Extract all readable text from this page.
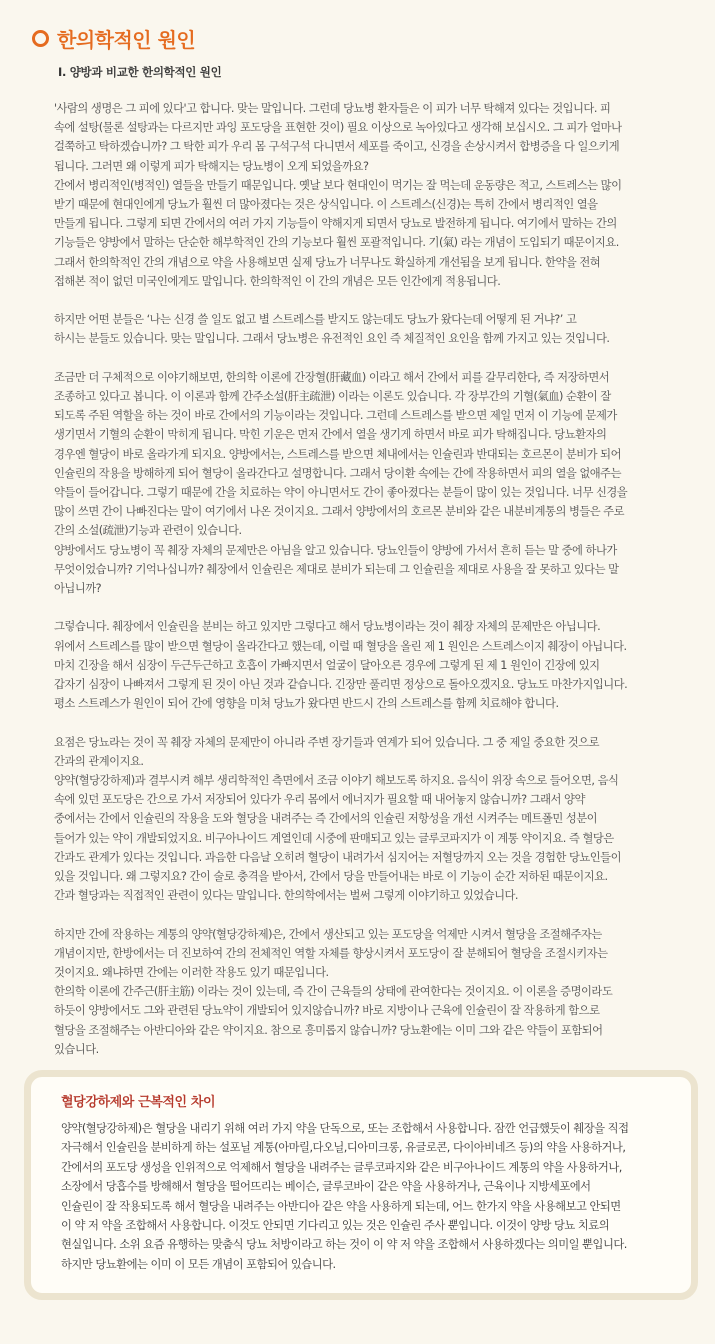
한의학적인 원인
Ⅰ. 양방과 비교한 한의학적인 원인

'사람의 생명은 그 피에 있다'고 합니다. 맞는 말입니다. 그런데 당뇨병 환자들은 이 피가 너무 탁해져 있다는 것입니다. 피
속에 설탕(물론 설탕과는 다르지만 과잉 포도당을 표현한 것이) 필요 이상으로 녹아있다고 생각해 보십시오. 그 피가 얼마나
걸쭉하고 탁하겠습니까? 그 탁한 피가 우리 몸 구석구석 다니면서 세포를 죽이고, 신경을 손상시켜서 합병증을 다 일으키게
됩니다. 그러면 왜 이렇게 피가 탁해지는 당뇨병이 오게 되었을까요?
간에서 병리적인(병적인) 열들을 만들기 때문입니다. 옛날 보다 현대인이 먹기는 잘 먹는데 운동량은 적고, 스트레스는 많이
받기 때문에 현대인에게 당뇨가 훨씬 더 많아졌다는 것은 상식입니다. 이 스트레스(신경)는 특히 간에서 병리적인 열을
만들게 됩니다. 그렇게 되면 간에서의 여러 가지 기능들이 약해지게 되면서 당뇨로 발전하게 됩니다. 여기에서 말하는 간의
기능들은 양방에서 말하는 단순한 해부학적인 간의 기능보다 훨씬 포괄적입니다. 기(氣) 라는 개념이 도입되기 때문이지요.
그래서 한의학적인 간의 개념으로 약을 사용해보면 실제 당뇨가 너무나도 확실하게 개선됨을 보게 됩니다. 한약을 전혀
접해본 적이 없던 미국인에게도 말입니다. 한의학적인 이 간의 개념은 모든 인간에게 적용됩니다.

하지만 어떤 분들은 ‘나는 신경 쓸 일도 없고 별 스트레스를 받지도 않는데도 당뇨가 왔다는데 어떻게 된 거냐?’ 고
하시는 분들도 있습니다. 맞는 말입니다. 그래서 당뇨병은 유전적인 요인 즉 체질적인 요인을 함께 가지고 있는 것입니다.

조금만 더 구체적으로 이야기해보면, 한의학 이론에 간장혈(肝藏血) 이라고 해서 간에서 피를 갈무리한다, 즉 저장하면서
조종하고 있다고 봅니다. 이 이론과 함께 간주소설(肝主疏泄) 이라는 이론도 있습니다. 각 장부간의 기혈(氣血) 순환이 잘
되도록 주된 역할을 하는 것이 바로 간에서의 기능이라는 것입니다. 그런데 스트레스를 받으면 제일 먼저 이 기능에 문제가
생기면서 기혈의 순환이 막히게 됩니다. 막힌 기운은 먼저 간에서 열을 생기게 하면서 바로 피가 탁해집니다. 당뇨환자의
경우엔 혈당이 바로 올라가게 되지요. 양방에서는, 스트레스를 받으면 체내에서는 인슐린과 반대되는 호르몬이 분비가 되어
인슐린의 작용을 방해하게 되어 혈당이 올라간다고 설명합니다. 그래서 당이환 속에는 간에 작용하면서 피의 열을 없애주는
약들이 들어갑니다. 그렇기 때문에 간을 치료하는 약이 아니면서도 간이 좋아졌다는 분들이 많이 있는 것입니다. 너무 신경을
많이 쓰면 간이 나빠진다는 말이 여기에서 나온 것이지요. 그래서 양방에서의 호르몬 분비와 같은 내분비계통의 병들은 주로
간의 소설(疏泄)기능과 관련이 있습니다.
양방에서도 당뇨병이 꼭 췌장 자체의 문제만은 아님을 알고 있습니다. 당뇨인들이 양방에 가서서 흔히 듣는 말 중에 하나가
무엇이었습니까? 기억나십니까? 췌장에서 인슐린은 제대로 분비가 되는데 그 인슐린을 제대로 사용을 잘 못하고 있다는 말
아닙니까?

그렇습니다. 췌장에서 인슐린을 분비는 하고 있지만 그렇다고 해서 당뇨병이라는 것이 췌장 자체의 문제만은 아닙니다.
위에서 스트레스를 많이 받으면 혈당이 올라간다고 했는데, 이럴 때 혈당을 올린 제 1 원인은 스트레스이지 췌장이 아닙니다.
마치 긴장을 해서 심장이 두근두근하고 호흡이 가빠지면서 얼굴이 달아오른 경우에 그렇게 된 제 1 원인이 긴장에 있지
갑자기 심장이 나빠져서 그렇게 된 것이 아닌 것과 같습니다. 긴장만 풀리면 정상으로 돌아오겠지요. 당뇨도 마찬가지입니다.
평소 스트레스가 원인이 되어 간에 영향을 미쳐 당뇨가 왔다면 반드시 간의 스트레스를 함께 치료해야 합니다.

요점은 당뇨라는 것이 꼭 췌장 자체의 문제만이 아니라 주변 장기들과 연계가 되어 있습니다. 그 중 제일 중요한 것으로
간과의 관계이지요.
양약(혈당강하제)과 결부시켜 해부 생리학적인 측면에서 조금 이야기 해보도록 하지요. 음식이 위장 속으로 들어오면, 음식
속에 있던 포도당은 간으로 가서 저장되어 있다가 우리 몸에서 에너지가 필요할 때 내어놓지 않습니까? 그래서 양약
중에서는 간에서 인슐린의 작용을 도와 혈당을 내려주는 즉 간에서의 인슐린 저항성을 개선 시켜주는 메트폴민 성분이
들어가 있는 약이 개발되었지요. 비구아나이드 계열인데 시중에 판매되고 있는 글루코파지가 이 계통 약이지요. 즉 혈당은
간과도 관계가 있다는 것입니다. 과음한 다음날 오히려 혈당이 내려가서 심지어는 저혈당까지 오는 것을 경험한 당뇨인들이
있을 것입니다. 왜 그렇지요? 간이 술로 충격을 받아서, 간에서 당을 만들어내는 바로 이 기능이 순간 저하된 때문이지요.
간과 혈당과는 직접적인 관련이 있다는 말입니다. 한의학에서는 벌써 그렇게 이야기하고 있었습니다.

하지만 간에 작용하는 계통의 양약(혈당강하제)은, 간에서 생산되고 있는 포도당을 억제만 시켜서 혈당을 조절해주자는
개념이지만, 한방에서는 더 진보하여 간의 전체적인 역할 자체를 향상시켜서 포도당이 잘 분해되어 혈당을 조절시키자는
것이지요. 왜냐하면 간에는 이러한 작용도 있기 때문입니다.
한의학 이론에 간주근(肝主筋) 이라는 것이 있는데, 즉 간이 근육들의 상태에 관여한다는 것이지요. 이 이론을 증명이라도
하듯이 양방에서도 그와 관련된 당뇨약이 개발되어 있지않습니까? 바로 지방이나 근육에 인슐린이 잘 작용하게 함으로
혈당을 조절해주는 아반디아와 같은 약이지요. 참으로 흥미롭지 않습니까? 당뇨환에는 이미 그와 같은 약들이 포함되어
있습니다.

혈당강하제와 근복적인 차이
양약(혈당강하제)은 혈당을 내리기 위해 여러 가지 약을 단독으로, 또는 조합해서 사용합니다. 잠깐 언급했듯이 췌장을 직접
자극해서 인슐린을 분비하게 하는 설포닐 계통(아마릴,다오닐,디아미크롱, 유글로콘, 다이아비네즈 등)의 약을 사용하거나,
간에서의 포도당 생성을 인위적으로 억제해서 혈당을 내려주는 글루코파지와 같은 비구아나이드 계통의 약을 사용하거나,
소장에서 당흡수를 방해해서 혈당을 떨어뜨리는 베이슨, 글루코바이 같은 약을 사용하거나, 근육이나 지방세포에서
인슐린이 잘 작용되도록 해서 혈당을 내려주는 아반디아 같은 약을 사용하게 되는데, 어느 한가지 약을 사용해보고 안되면
이 약 저 약을 조합해서 사용합니다. 이것도 안되면 기다리고 있는 것은 인슐린 주사 뿐입니다. 이것이 양방 당뇨 치료의
현실입니다. 소위 요즘 유행하는 맞춤식 당뇨 처방이라고 하는 것이 이 약 저 약을 조합해서 사용하겠다는 의미일 뿐입니다.
하지만 당뇨환에는 이미 이 모든 개념이 포함되어 있습니다.
